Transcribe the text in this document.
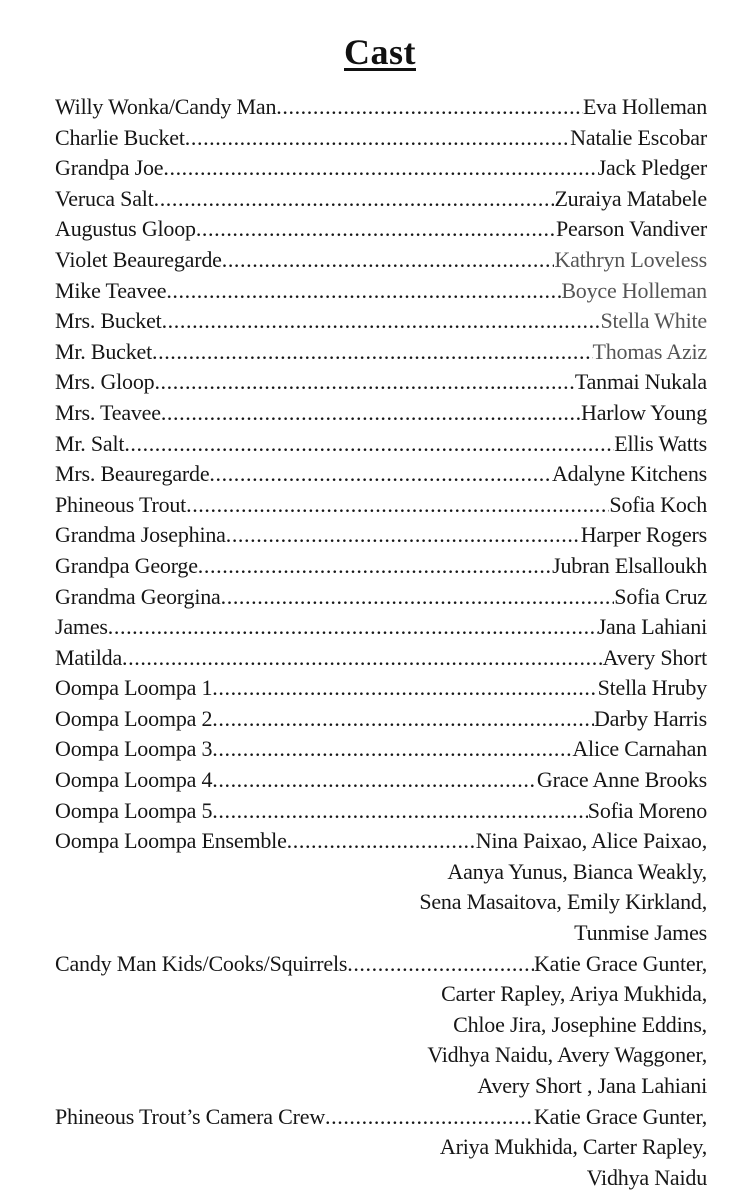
Cast
Willy Wonka/Candy Man .....	Eva Holleman
Charlie Bucket .....	Natalie Escobar
Grandpa Joe .....	Jack Pledger
Veruca Salt .....	Zuraiya Matabele
Augustus Gloop .....	Pearson Vandiver
Violet Beauregarde .....	Kathryn Loveless
Mike Teavee .....	Boyce Holleman
Mrs. Bucket .....	Stella White
Mr. Bucket .....	Thomas Aziz
Mrs. Gloop .....	Tanmai Nukala
Mrs. Teavee .....	Harlow Young
Mr. Salt .....	Ellis Watts
Mrs. Beauregarde .....	Adalyne Kitchens
Phineous Trout .....	Sofia Koch
Grandma Josephina .....	Harper Rogers
Grandpa George .....	Jubran Elsalloukh
Grandma Georgina .....	Sofia Cruz
James .....	Jana Lahiani
Matilda .....	Avery Short
Oompa Loompa 1 .....	Stella Hruby
Oompa Loompa 2 .....	Darby Harris
Oompa Loompa 3 .....	Alice Carnahan
Oompa Loompa 4 .....	Grace Anne Brooks
Oompa Loompa 5 .....	Sofia Moreno
Oompa Loompa Ensemble .....	Nina Paixao, Alice Paixao,
Aanya Yunus, Bianca Weakly,
Sena Masaitova, Emily Kirkland,
Tunmise James
Candy Man Kids/Cooks/Squirrels .....	Katie Grace Gunter,
Carter Rapley, Ariya Mukhida,
Chloe Jira, Josephine Eddins,
Vidhya Naidu, Avery Waggoner,
Avery Short , Jana Lahiani
Phineous Trout’s Camera Crew .....	Katie Grace Gunter,
Ariya Mukhida, Carter Rapley,
Vidhya Naidu
